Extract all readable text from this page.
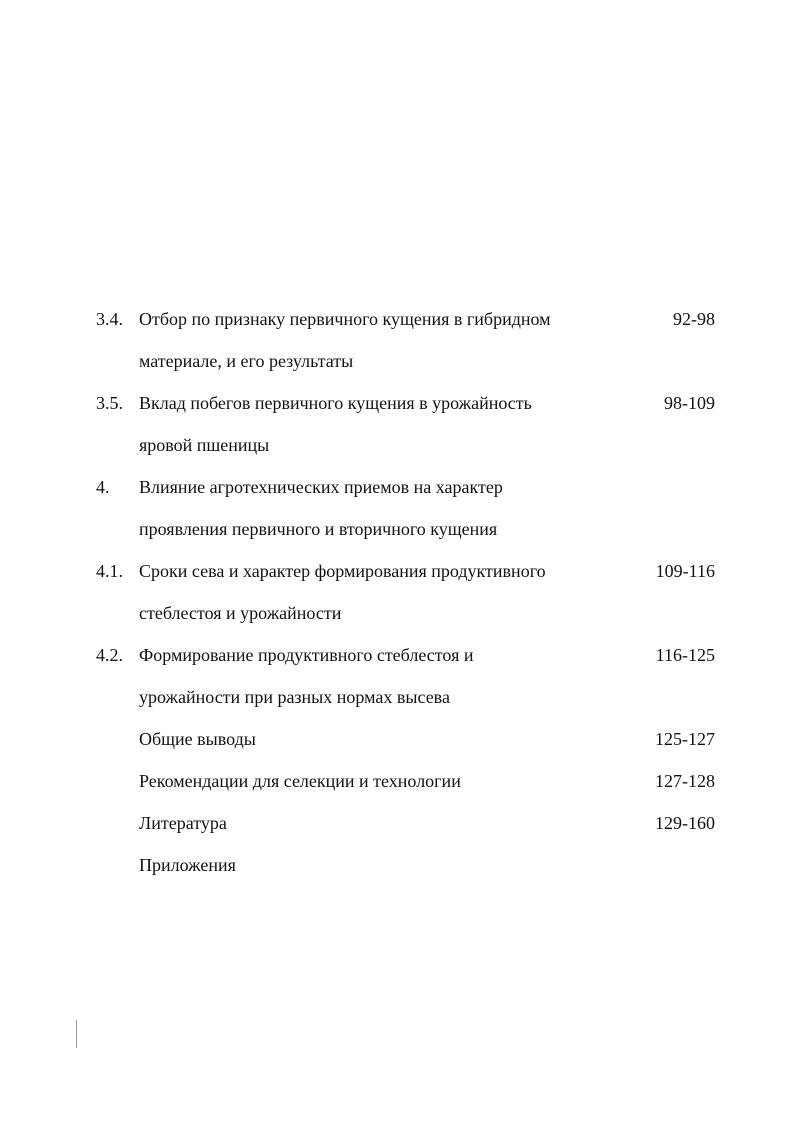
3.4. Отбор по признаку первичного кущения в гибридном	92-98
материале, и его результаты
3.5. Вклад побегов первичного кущения в урожайность	98-109
яровой пшеницы
4. Влияние агротехнических приемов на характер
проявления первичного и вторичного кущения
4.1. Сроки сева и характер формирования продуктивного	109-116
стеблестоя и урожайности
4.2. Формирование продуктивного стеблестоя и	116-125
урожайности при разных нормах высева
Общие выводы	125-127
Рекомендации для селекции и технологии	127-128
Литература	129-160
Приложения
